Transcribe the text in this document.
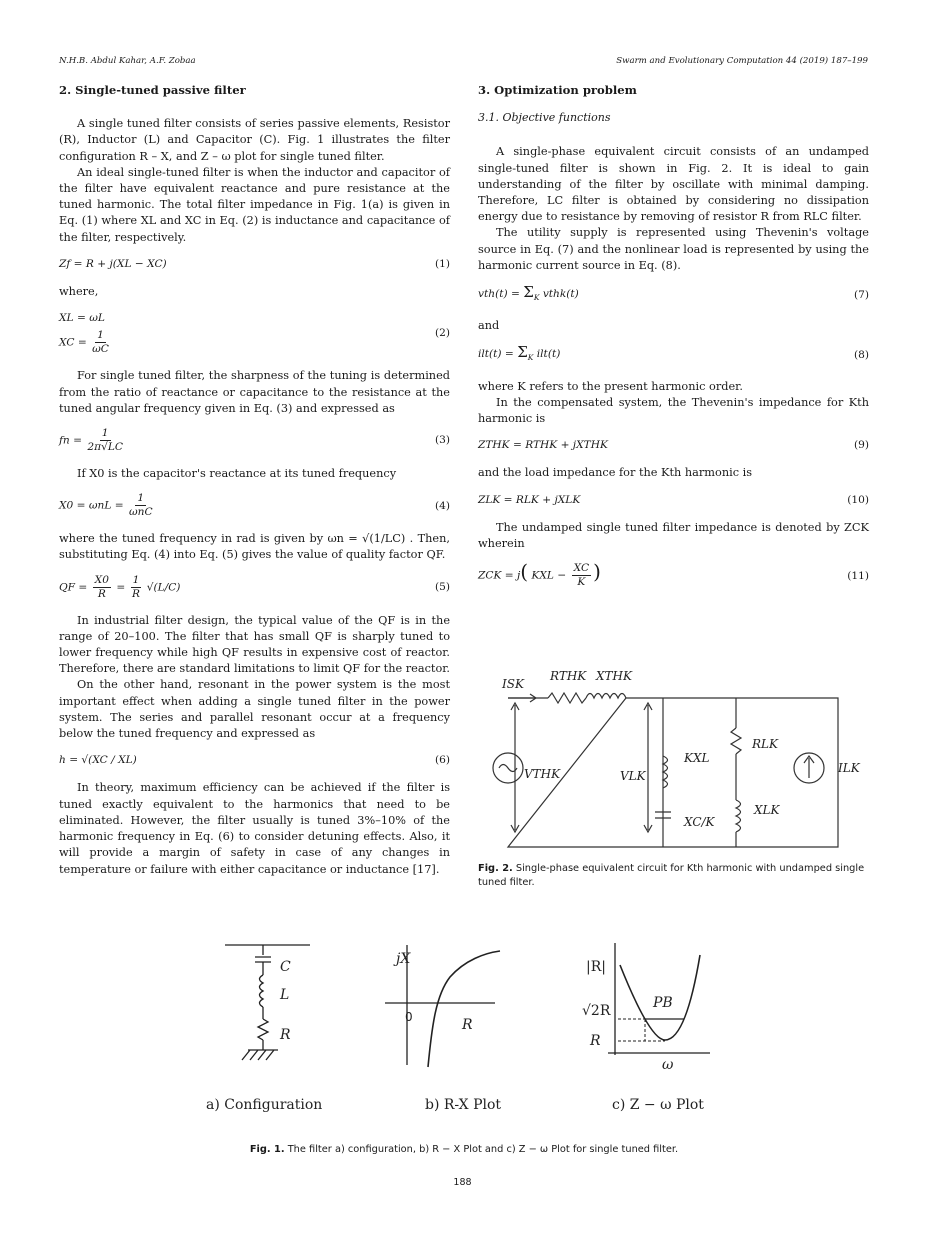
N.H.B. Abdul Kahar, A.F. Zobaa	Swarm and Evolutionary Computation 44 (2019) 187–199
2. Single-tuned passive filter

A single tuned filter consists of series passive elements, Resistor (R), Inductor (L) and Capacitor (C). Fig. 1 illustrates the filter configuration R – X, and Z – ω plot for single tuned filter.

An ideal single-tuned filter is when the inductor and capacitor of the filter have equivalent reactance and pure resistance at the tuned harmonic. The total filter impedance in Fig. 1(a) is given in Eq. (1) where XL and XC in Eq. (2) is inductance and capacitance of the filter, respectively.

Zf = R + j(XL − XC)	(1)

where,

XL = ωL
XC = $\frac{1}{\omega C}$	(2)

For single tuned filter, the sharpness of the tuning is determined from the ratio of reactance or capacitance to the resistance at the tuned angular frequency given in Eq. (3) and expressed as

fn = $\frac{1}{2\pi√LC}$	(3)

If X0 is the capacitor's reactance at its tuned frequency

$X0 = \omega nL = \frac{1}{\text{ωnC}}$	(4)

where the tuned frequency in rad is given by ωn = √(1/LC) . Then, substituting Eq. (4) into Eq. (5) gives the value of quality factor QF.

QF = $\frac{X0}{R} = \frac{1}{R} √(L/C)$	(5)

In industrial filter design, the typical value of the QF is in the range of 20–100. The filter that has small QF is sharply tuned to lower frequency while high QF results in expensive cost of reactor. Therefore, there are standard limitations to limit QF for the reactor.

On the other hand, resonant in the power system is the most important effect when adding a single tuned filter in the power system. The series and parallel resonant occur at a frequency below the tuned frequency and expressed as

h = √(XC / XL)	(6)

In theory, maximum efficiency can be achieved if the filter is tuned exactly equivalent to the harmonics that need to be eliminated. However, the filter usually is tuned 3%–10% of the harmonic frequency in Eq. (6) to consider detuning effects. Also, it will provide a margin of safety in case of any changes in temperature or failure with either capacitance or inductance [17].

3. Optimization problem
3.1. Objective functions

A single-phase equivalent circuit consists of an undamped single-tuned filter is shown in Fig. 2. It is ideal to gain understanding of the filter by oscillate with minimal damping. Therefore, LC filter is obtained by considering no dissipation energy due to resistance by removing of resistor R from RLC filter.

The utility supply is represented using Thevenin's voltage source in Eq. (7) and the nonlinear load is represented by using the harmonic current source in Eq. (8).

$vth(t) = \Sigma_K$ vthk(t)	(7)

and

$ilt(t) = \Sigma_K$ ilt(t)	(8)

where K refers to the present harmonic order.

In the compensated system, the Thevenin's impedance for Kth harmonic is

ZTHK = RTHK + jXTHK	(9)

and the load impedance for the Kth harmonic is

ZLK = RLK + jXLK	(10)

The undamped single tuned filter impedance is denoted by ZCK wherein

ZCK = j( KXL − $\frac{XC}{K}$ )	(11)
ISK
RTHK XTHK
VTHK	VLK
KXL
XC/K
RLK
XLK
ILK
Fig. 2. Single-phase equivalent circuit for Kth harmonic with undamped single tuned filter.
C
L
R
jX
0	R
|R|
PB
√2R
R
ω
a) Configuration	b) R-X Plot	c) Z − ω Plot
Fig. 1. The filter a) configuration, b) R − X Plot and c) Z − ω Plot for single tuned filter.
188
